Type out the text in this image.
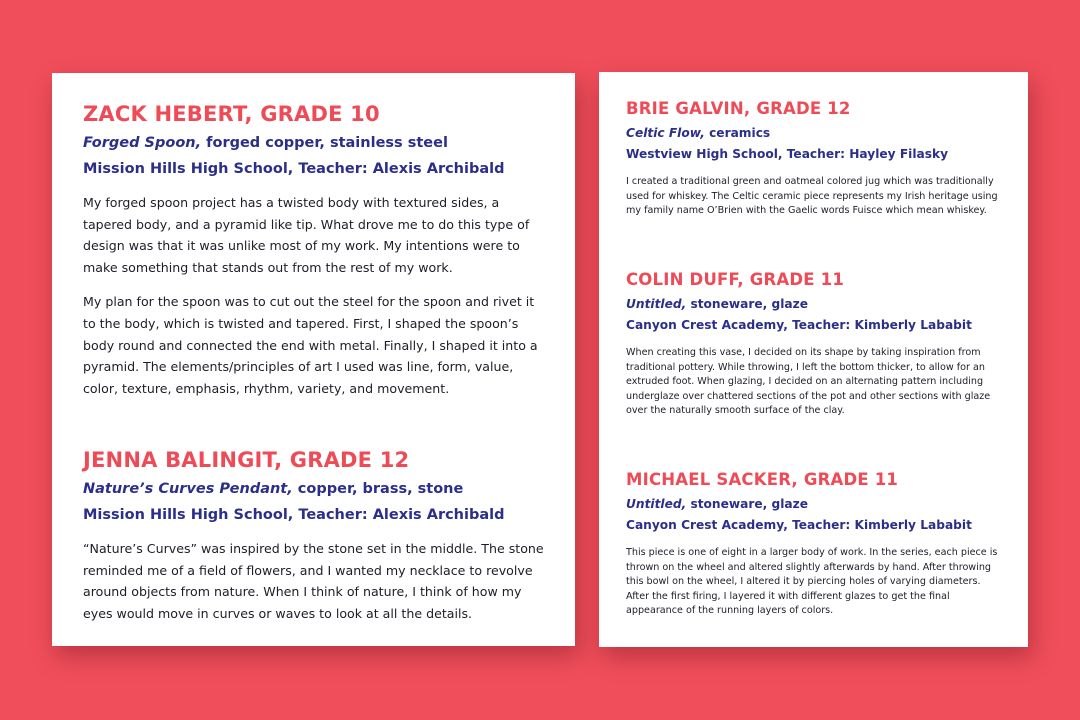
ZACK HEBERT, GRADE 10

Forged Spoon, forged copper, stainless steel

Mission Hills High School, Teacher: Alexis Archibald

My forged spoon project has a twisted body with textured sides, a tapered body, and a pyramid like tip. What drove me to do this type of design was that it was unlike most of my work. My intentions were to make something that stands out from the rest of my work.

My plan for the spoon was to cut out the steel for the spoon and rivet it to the body, which is twisted and tapered. First, I shaped the spoon’s body round and connected the end with metal. Finally, I shaped it into a pyramid. The elements/principles of art I used was line, form, value, color, texture, emphasis, rhythm, variety, and movement.

JENNA BALINGIT, GRADE 12

Nature’s Curves Pendant, copper, brass, stone

Mission Hills High School, Teacher: Alexis Archibald

“Nature’s Curves” was inspired by the stone set in the middle. The stone reminded me of a field of flowers, and I wanted my necklace to revolve around objects from nature. When I think of nature, I think of how my eyes would move in curves or waves to look at all the details.

BRIE GALVIN, GRADE 12

Celtic Flow, ceramics

Westview High School, Teacher: Hayley Filasky

I created a traditional green and oatmeal colored jug which was traditionally used for whiskey. The Celtic ceramic piece represents my Irish heritage using my family name O’Brien with the Gaelic words Fuisce which mean whiskey.

COLIN DUFF, GRADE 11

Untitled, stoneware, glaze

Canyon Crest Academy, Teacher: Kimberly Lababit

When creating this vase, I decided on its shape by taking inspiration from traditional pottery. While throwing, I left the bottom thicker, to allow for an extruded foot. When glazing, I decided on an alternating pattern including underglaze over chattered sections of the pot and other sections with glaze over the naturally smooth surface of the clay.

MICHAEL SACKER, GRADE 11

Untitled, stoneware, glaze

Canyon Crest Academy, Teacher: Kimberly Lababit

This piece is one of eight in a larger body of work. In the series, each piece is thrown on the wheel and altered slightly afterwards by hand. After throwing this bowl on the wheel, I altered it by piercing holes of varying diameters. After the first firing, I layered it with different glazes to get the final appearance of the running layers of colors.
